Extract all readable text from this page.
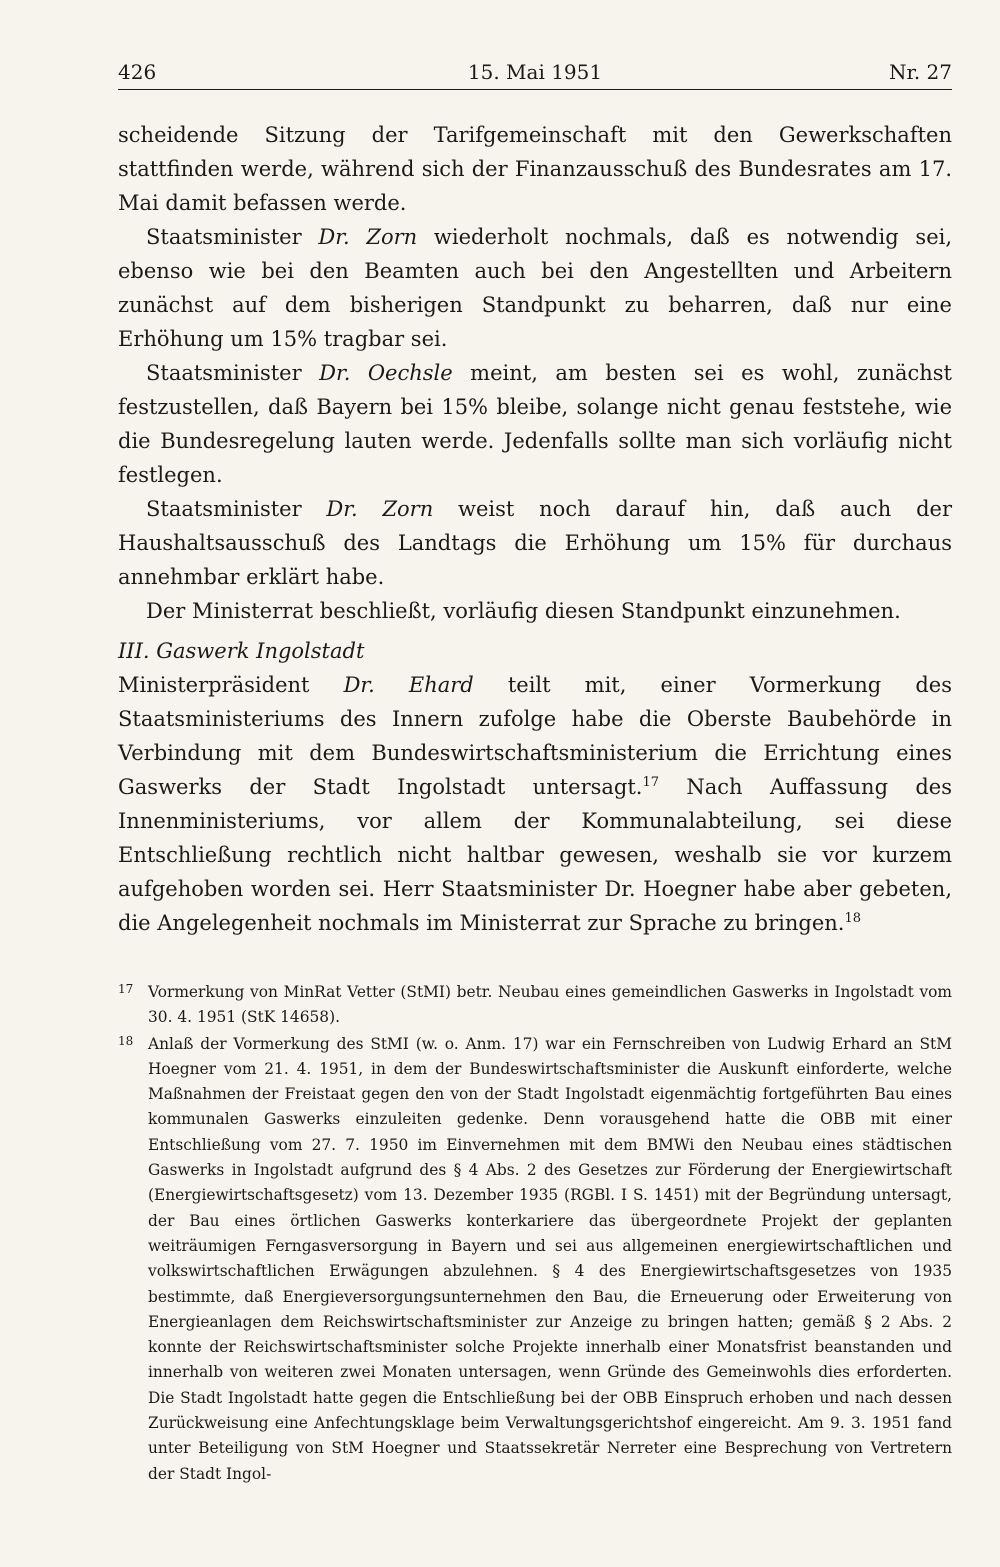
426	15. Mai 1951	Nr. 27

scheidende Sitzung der Tarifgemeinschaft mit den Gewerkschaften stattfinden werde, während sich der Finanzausschuß des Bundesrates am 17. Mai damit befassen werde.

Staatsminister Dr. Zorn wiederholt nochmals, daß es notwendig sei, ebenso wie bei den Beamten auch bei den Angestellten und Arbeitern zunächst auf dem bisherigen Standpunkt zu beharren, daß nur eine Erhöhung um 15% tragbar sei.

Staatsminister Dr. Oechsle meint, am besten sei es wohl, zunächst festzustellen, daß Bayern bei 15% bleibe, solange nicht genau feststehe, wie die Bundesregelung lauten werde. Jedenfalls sollte man sich vorläufig nicht festlegen.

Staatsminister Dr. Zorn weist noch darauf hin, daß auch der Haushaltsausschuß des Landtags die Erhöhung um 15% für durchaus annehmbar erklärt habe.

Der Ministerrat beschließt, vorläufig diesen Standpunkt einzunehmen.

III. Gaswerk Ingolstadt

Ministerpräsident Dr. Ehard teilt mit, einer Vormerkung des Staatsministeriums des Innern zufolge habe die Oberste Baubehörde in Verbindung mit dem Bundeswirtschaftsministerium die Errichtung eines Gaswerks der Stadt Ingolstadt untersagt.$^{17}$ Nach Auffassung des Innenministeriums, vor allem der Kommunalabteilung, sei diese Entschließung rechtlich nicht haltbar gewesen, weshalb sie vor kurzem aufgehoben worden sei. Herr Staatsminister Dr. Hoegner habe aber gebeten, die Angelegenheit nochmals im Ministerrat zur Sprache zu bringen.$^{18}$

17 Vormerkung von MinRat Vetter (StMI) betr. Neubau eines gemeindlichen Gaswerks in Ingolstadt vom 30. 4. 1951 (StK 14658).
18 Anlaß der Vormerkung des StMI (w. o. Anm. 17) war ein Fernschreiben von Ludwig Erhard an StM Hoegner vom 21. 4. 1951, in dem der Bundeswirtschaftsminister die Auskunft einforderte, welche Maßnahmen der Freistaat gegen den von der Stadt Ingolstadt eigenmächtig fortgeführten Bau eines kommunalen Gaswerks einzuleiten gedenke. Denn vorausgehend hatte die OBB mit einer Entschließung vom 27. 7. 1950 im Einvernehmen mit dem BMWi den Neubau eines städtischen Gaswerks in Ingolstadt aufgrund des § 4 Abs. 2 des Gesetzes zur Förderung der Energiewirtschaft (Energiewirtschaftsgesetz) vom 13. Dezember 1935 (RGBl. I S. 1451) mit der Begründung untersagt, der Bau eines örtlichen Gaswerks konterkariere das übergeordnete Projekt der geplanten weiträumigen Ferngasversorgung in Bayern und sei aus allgemeinen energiewirtschaftlichen und volkswirtschaftlichen Erwägungen abzulehnen. § 4 des Energiewirtschaftsgesetzes von 1935 bestimmte, daß Energieversorgungsunternehmen den Bau, die Erneuerung oder Erweiterung von Energieanlagen dem Reichswirtschaftsminister zur Anzeige zu bringen hatten; gemäß § 2 Abs. 2 konnte der Reichswirtschaftsminister solche Projekte innerhalb einer Monatsfrist beanstanden und innerhalb von weiteren zwei Monaten untersagen, wenn Gründe des Gemeinwohls dies erforderten. Die Stadt Ingolstadt hatte gegen die Entschließung bei der OBB Einspruch erhoben und nach dessen Zurückweisung eine Anfechtungsklage beim Verwaltungsgerichtshof eingereicht. Am 9. 3. 1951 fand unter Beteiligung von StM Hoegner und Staatssekretär Nerreter eine Besprechung von Vertretern der Stadt Ingol-
